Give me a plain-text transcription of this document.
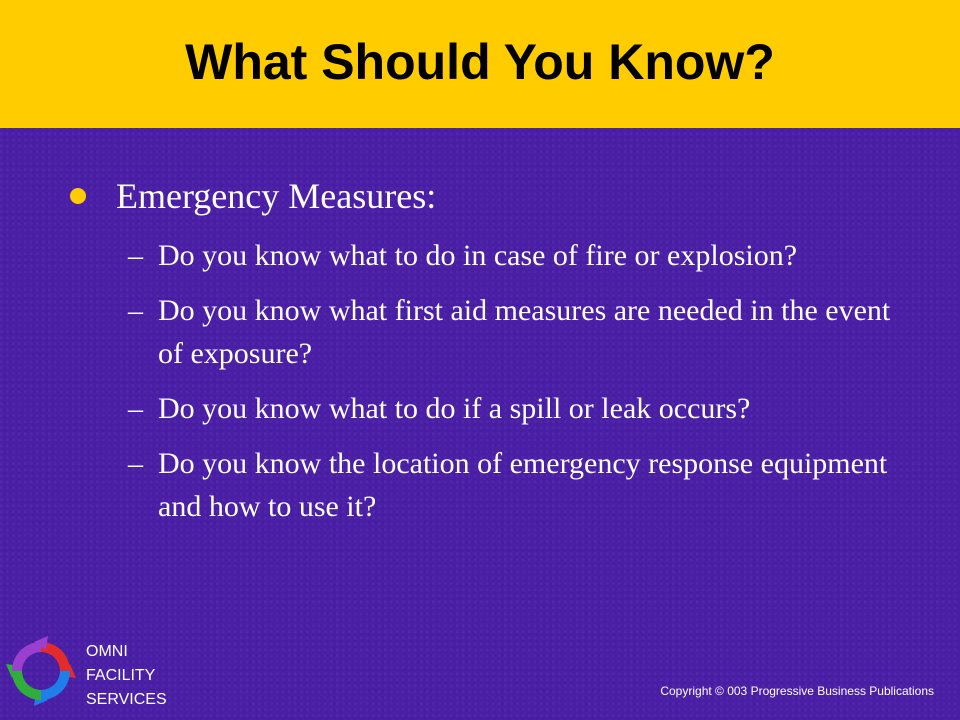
What Should You Know?
Emergency Measures:
– Do you know what to do in case of fire or explosion?
– Do you know what first aid measures are needed in the event of exposure?
– Do you know what to do if a spill or leak occurs?
– Do you know the location of emergency response equipment and how to use it?
OMNI
FACILITY
SERVICES	Copyright © 003 Progressive Business Publications
